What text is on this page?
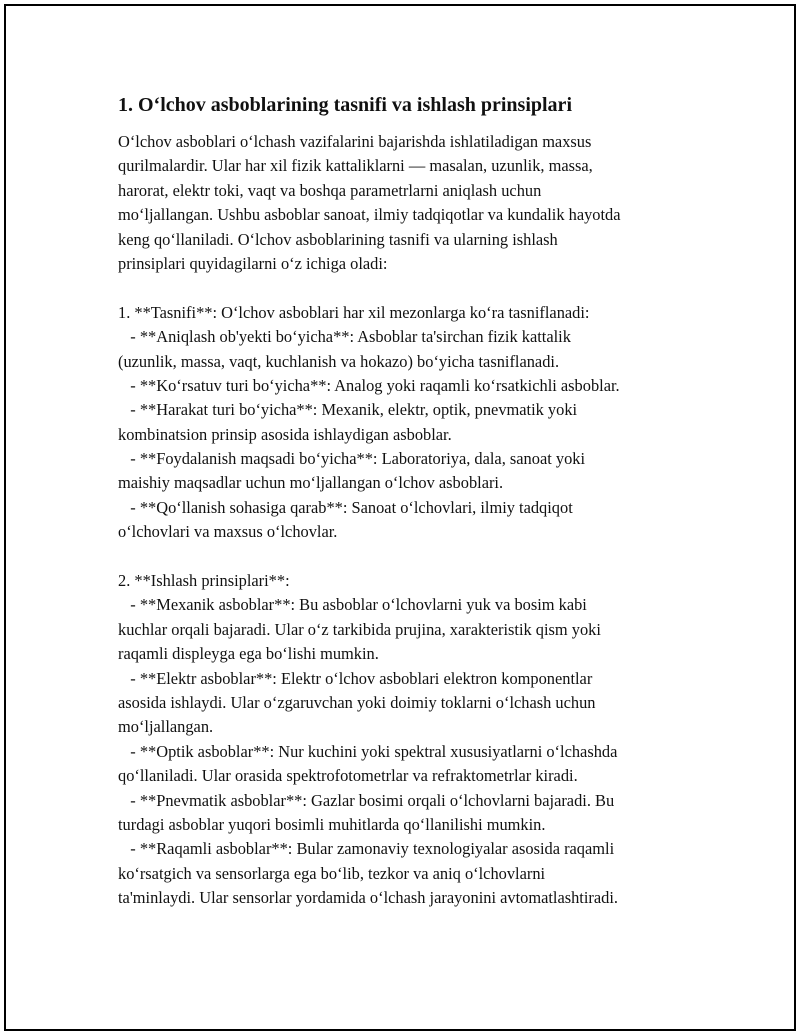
1. Oʻlchov asboblarining tasnifi va ishlash prinsiplari
Oʻlchov asboblari oʻlchash vazifalarini bajarishda ishlatiladigan maxsus
qurilmalardir. Ular har xil fizik kattaliklarni — masalan, uzunlik, massa,
harorat, elektr toki, vaqt va boshqa parametrlarni aniqlash uchun
moʻljallangan. Ushbu asboblar sanoat, ilmiy tadqiqotlar va kundalik hayotda
keng qoʻllaniladi. Oʻlchov asboblarining tasnifi va ularning ishlash
prinsiplari quyidagilarni oʻz ichiga oladi:
1. **Tasnifi**: Oʻlchov asboblari har xil mezonlarga koʻra tasniflanadi:
- **Aniqlash ob'yekti boʻyicha**: Asboblar ta'sirchan fizik kattalik
(uzunlik, massa, vaqt, kuchlanish va hokazo) boʻyicha tasniflanadi.
- **Koʻrsatuv turi boʻyicha**: Analog yoki raqamli koʻrsatkichli asboblar.
- **Harakat turi boʻyicha**: Mexanik, elektr, optik, pnevmatik yoki
kombinatsion prinsip asosida ishlaydigan asboblar.
- **Foydalanish maqsadi boʻyicha**: Laboratoriya, dala, sanoat yoki
maishiy maqsadlar uchun moʻljallangan oʻlchov asboblari.
- **Qoʻllanish sohasiga qarab**: Sanoat oʻlchovlari, ilmiy tadqiqot
oʻlchovlari va maxsus oʻlchovlar.
2. **Ishlash prinsiplari**:
- **Mexanik asboblar**: Bu asboblar oʻlchovlarni yuk va bosim kabi
kuchlar orqali bajaradi. Ular oʻz tarkibida prujina, xarakteristik qism yoki
raqamli displeyga ega boʻlishi mumkin.
- **Elektr asboblar**: Elektr oʻlchov asboblari elektron komponentlar
asosida ishlaydi. Ular oʻzgaruvchan yoki doimiy toklarni oʻlchash uchun
moʻljallangan.
- **Optik asboblar**: Nur kuchini yoki spektral xususiyatlarni oʻlchashda
qoʻllaniladi. Ular orasida spektrofotometrlar va refraktometrlar kiradi.
- **Pnevmatik asboblar**: Gazlar bosimi orqali oʻlchovlarni bajaradi. Bu
turdagi asboblar yuqori bosimli muhitlarda qoʻllanilishi mumkin.
- **Raqamli asboblar**: Bular zamonaviy texnologiyalar asosida raqamli
koʻrsatgich va sensorlarga ega boʻlib, tezkor va aniq oʻlchovlarni
ta'minlaydi. Ular sensorlar yordamida oʻlchash jarayonini avtomatlashtiradi.
